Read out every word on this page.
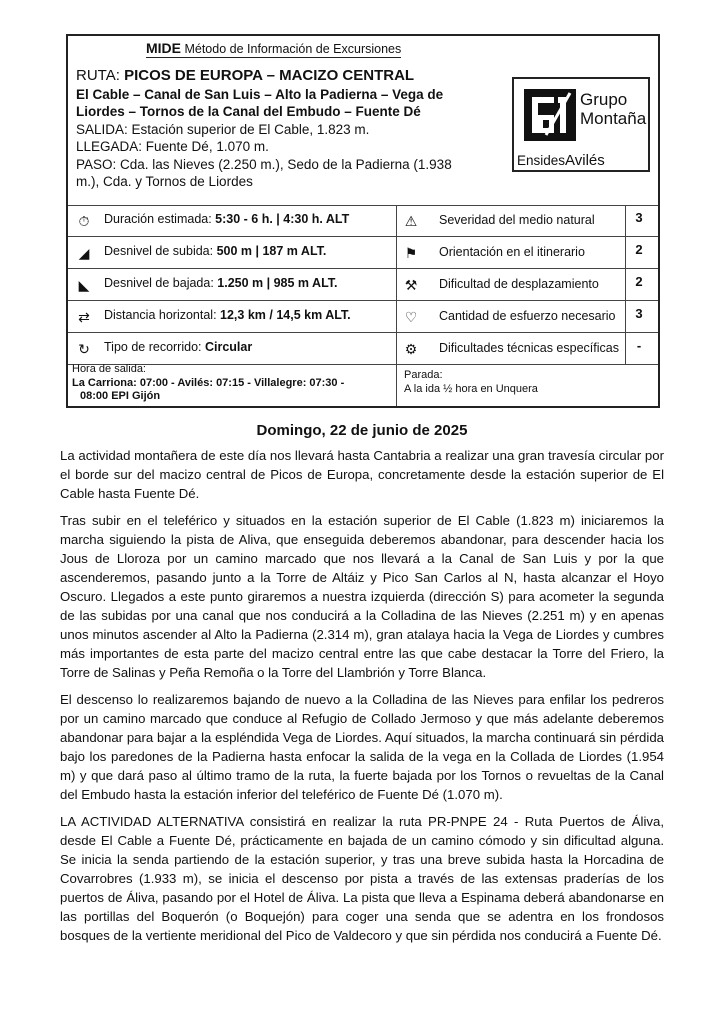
MIDE Método de Información de Excursiones

RUTA: PICOS DE EUROPA – MACIZO CENTRAL

El Cable – Canal de San Luis – Alto la Padierna – Vega de

Liordes – Tornos de la Canal del Embudo – Fuente Dé

SALIDA: Estación superior de El Cable, 1.823 m.

LLEGADA: Fuente Dé, 1.070 m.

PASO: Cda. las Nieves (2.250 m.), Sedo de la Padierna (1.938

m.), Cda. y Tornos de Liordes

Grupo
Montaña
EnsidesAvilés
⏱ Duración estimada: 5:30 - 6 h. | 4:30 h. ALT	⚠ Severidad del medio natural	3
◢ Desnivel de subida: 500 m | 187 m ALT.	⚑ Orientación en el itinerario	2
◣ Desnivel de bajada: 1.250 m | 985 m ALT.	⚒ Dificultad de desplazamiento	2
⇄ Distancia horizontal: 12,3 km / 14,5 km ALT.	♡ Cantidad de esfuerzo necesario	3
↻ Tipo de recorrido: Circular	⚙ Dificultades técnicas específicas	-
Hora de salida:
La Carriona: 07:00 - Avilés: 07:15 - Villalegre: 07:30 -
08:00 EPI Gijón
Parada:
A la ida ½ hora en Unquera
Domingo, 22 de junio de 2025

La actividad montañera de este día nos llevará hasta Cantabria a realizar una gran travesía circular por el borde sur del macizo central de Picos de Europa, concretamente desde la estación superior de El Cable hasta Fuente Dé.

Tras subir en el teleférico y situados en la estación superior de El Cable (1.823 m) iniciaremos la marcha siguiendo la pista de Aliva, que enseguida deberemos abandonar, para descender hacia los Jous de Lloroza por un camino marcado que nos llevará a la Canal de San Luis y por la que ascenderemos, pasando junto a la Torre de Altáiz y Pico San Carlos al N, hasta alcanzar el Hoyo Oscuro. Llegados a este punto giraremos a nuestra izquierda (dirección S) para acometer la segunda de las subidas por una canal que nos conducirá a la Colladina de las Nieves (2.251 m) y en apenas unos minutos ascender al Alto la Padierna (2.314 m), gran atalaya hacia la Vega de Liordes y cumbres más importantes de esta parte del macizo central entre las que cabe destacar la Torre del Friero, la Torre de Salinas y Peña Remoña o la Torre del Llambrión y Torre Blanca.

El descenso lo realizaremos bajando de nuevo a la Colladina de las Nieves para enfilar los pedreros por un camino marcado que conduce al Refugio de Collado Jermoso y que más adelante deberemos abandonar para bajar a la espléndida Vega de Liordes. Aquí situados, la marcha continuará sin pérdida bajo los paredones de la Padierna hasta enfocar la salida de la vega en la Collada de Liordes (1.954 m) y que dará paso al último tramo de la ruta, la fuerte bajada por los Tornos o revueltas de la Canal del Embudo hasta la estación inferior del teleférico de Fuente Dé (1.070 m).

LA ACTIVIDAD ALTERNATIVA consistirá en realizar la ruta PR-PNPE 24 - Ruta Puertos de Áliva, desde El Cable a Fuente Dé, prácticamente en bajada de un camino cómodo y sin dificultad alguna. Se inicia la senda partiendo de la estación superior, y tras una breve subida hasta la Horcadina de Covarrobres (1.933 m), se inicia el descenso por pista a través de las extensas praderías de los puertos de Áliva, pasando por el Hotel de Áliva. La pista que lleva a Espinama deberá abandonarse en las portillas del Boquerón (o Boquejón) para coger una senda que se adentra en los frondosos bosques de la vertiente meridional del Pico de Valdecoro y que sin pérdida nos conducirá a Fuente Dé.
